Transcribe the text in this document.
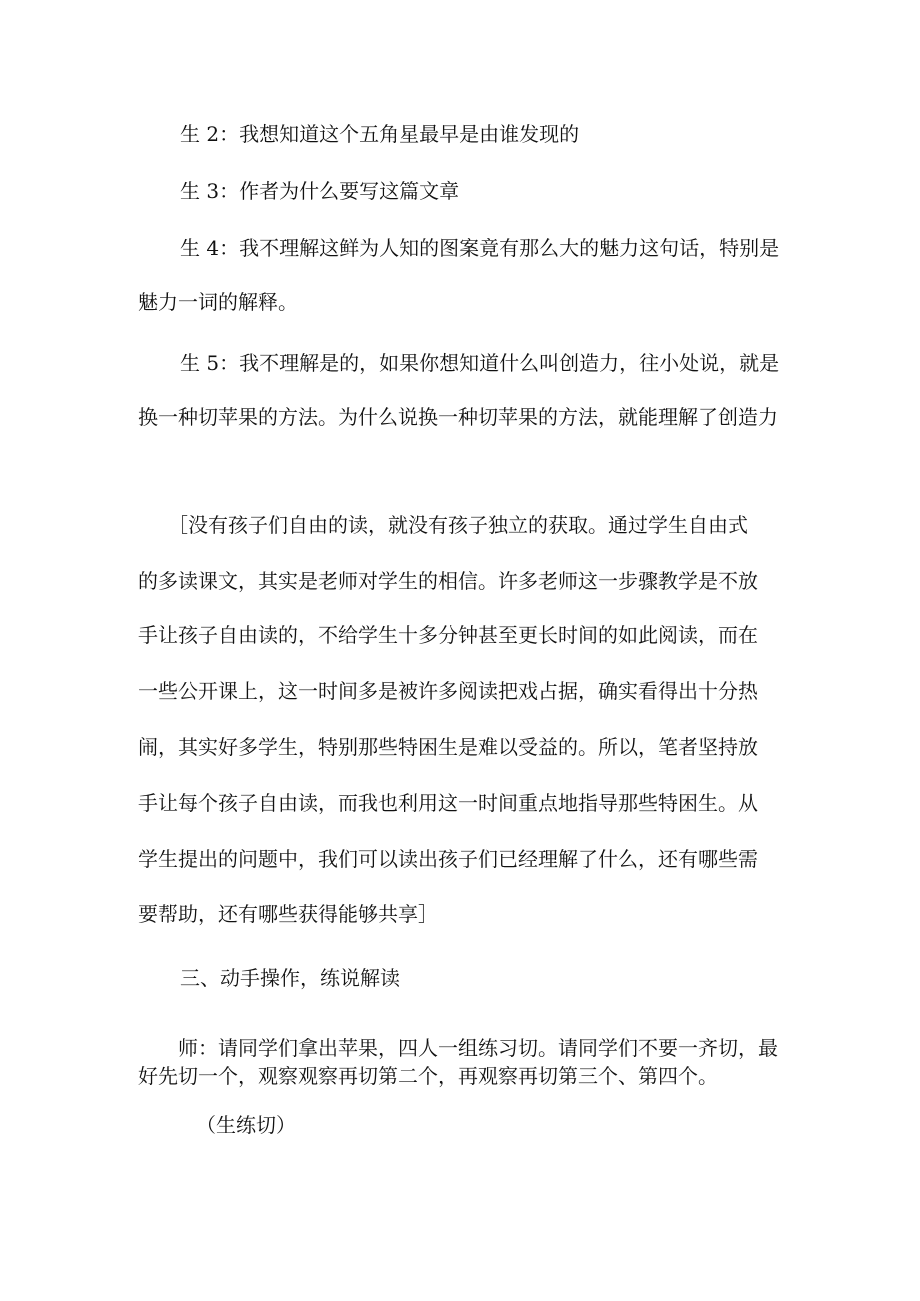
生 2：我想知道这个五角星最早是由谁发现的

生 3：作者为什么要写这篇文章

生 4：我不理解这鲜为人知的图案竟有那么大的魅力这句话，特别是

魅力一词的解释。

生 5：我不理解是的，如果你想知道什么叫创造力，往小处说，就是

换一种切苹果的方法。为什么说换一种切苹果的方法，就能理解了创造力

［没有孩子们自由的读，就没有孩子独立的获取。通过学生自由式

的多读课文，其实是老师对学生的相信。许多老师这一步骤教学是不放

手让孩子自由读的，不给学生十多分钟甚至更长时间的如此阅读，而在

一些公开课上，这一时间多是被许多阅读把戏占据，确实看得出十分热

闹，其实好多学生，特别那些特困生是难以受益的。所以，笔者坚持放

手让每个孩子自由读，而我也利用这一时间重点地指导那些特困生。从

学生提出的问题中，我们可以读出孩子们已经理解了什么，还有哪些需

要帮助，还有哪些获得能够共享］

三、动手操作，练说解读

师：请同学们拿出苹果，四人一组练习切。请同学们不要一齐切，最

好先切一个，观察观察再切第二个，再观察再切第三个、第四个。

（生练切）
